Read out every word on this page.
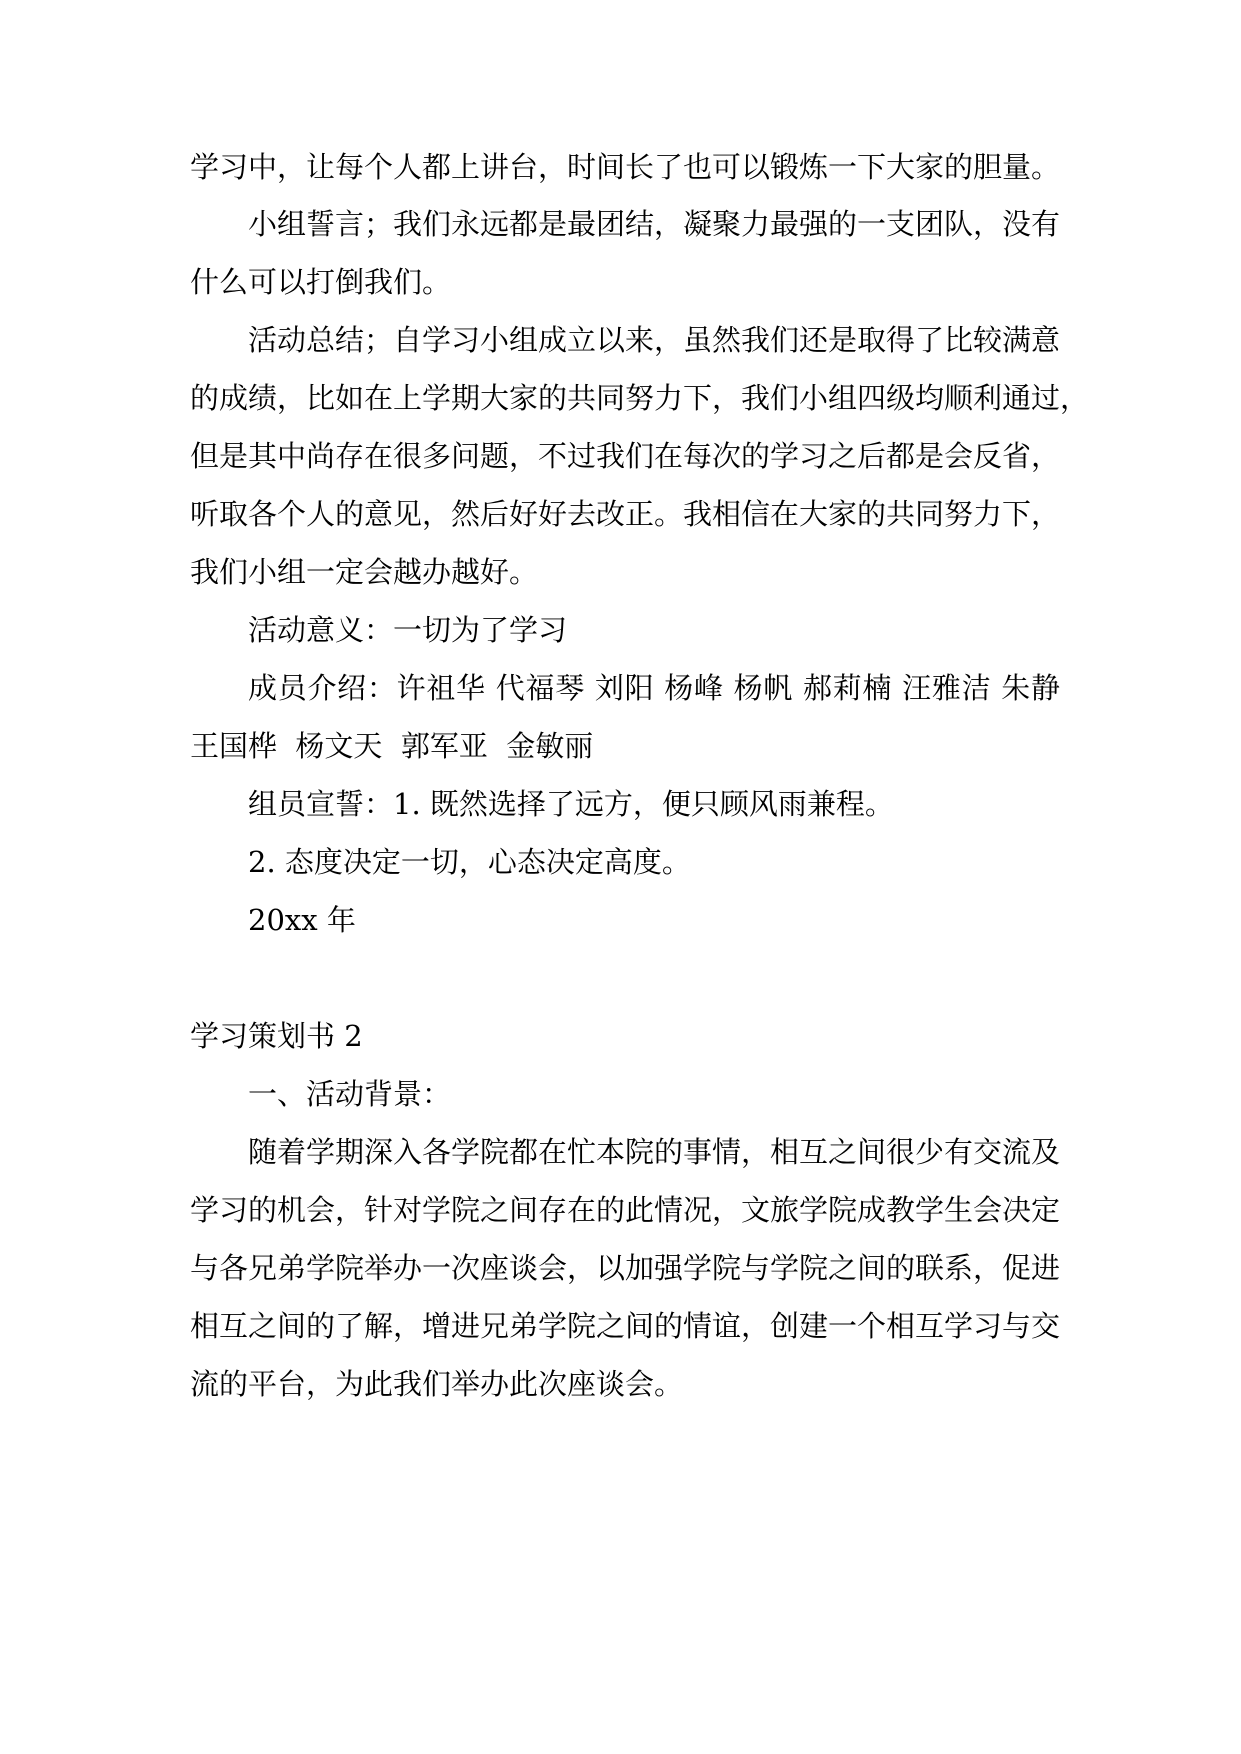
学习中，让每个人都上讲台，时间长了也可以锻炼一下大家的胆量。
小组誓言；我们永远都是最团结，凝聚力最强的一支团队，没有
什么可以打倒我们。
活动总结；自学习小组成立以来，虽然我们还是取得了比较满意
的成绩，比如在上学期大家的共同努力下，我们小组四级均顺利通过，
但是其中尚存在很多问题，不过我们在每次的学习之后都是会反省，
听取各个人的意见，然后好好去改正。我相信在大家的共同努力下，
我们小组一定会越办越好。
活动意义：一切为了学习
成员介绍：许祖华 代福琴 刘阳 杨峰 杨帆 郝莉楠 汪雅洁 朱静
王国桦  杨文天  郭军亚  金敏丽
组员宣誓：1. 既然选择了远方，便只顾风雨兼程。
2. 态度决定一切，心态决定高度。
20xx 年
学习策划书 2
一、活动背景：
随着学期深入各学院都在忙本院的事情，相互之间很少有交流及
学习的机会，针对学院之间存在的此情况，文旅学院成教学生会决定
与各兄弟学院举办一次座谈会，以加强学院与学院之间的联系，促进
相互之间的了解，增进兄弟学院之间的情谊，创建一个相互学习与交
流的平台，为此我们举办此次座谈会。
